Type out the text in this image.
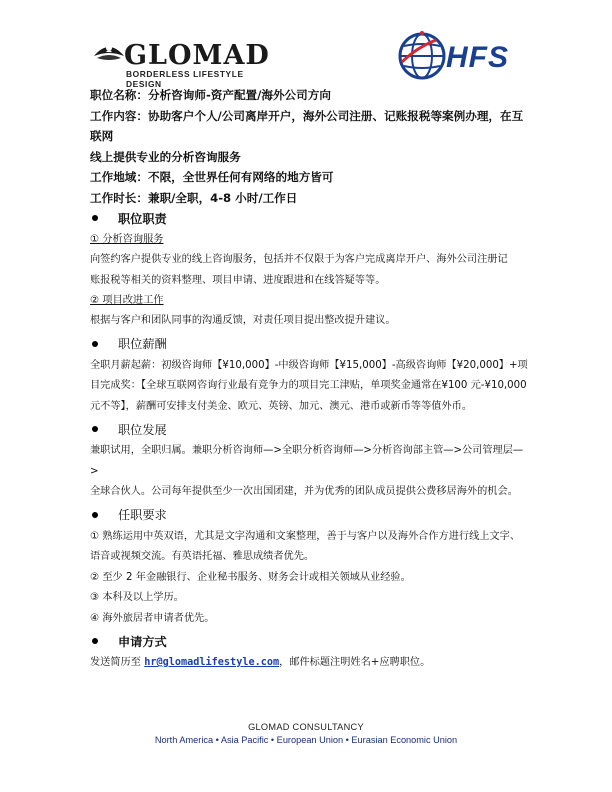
GLOMAD
BORDERLESS LIFESTYLE DESIGN
HFS

职位名称：分析咨询师-资产配置/海外公司方向

工作内容：协助客户个人/公司离岸开户，海外公司注册、记账报税等案例办理，在互联网

线上提供专业的分析咨询服务

工作地域：不限，全世界任何有网络的地方皆可

工作时长：兼职/全职，4-8 小时/工作日

职位职责

① 分析咨询服务

向签约客户提供专业的线上咨询服务，包括并不仅限于为客户完成离岸开户、海外公司注册记

账报税等相关的资料整理、项目申请、进度跟进和在线答疑等等。

② 项目改进工作

根据与客户和团队同事的沟通反馈，对责任项目提出整改提升建议。

职位薪酬

全职月薪起薪：初级咨询师【¥10,000】-中级咨询师【¥15,000】-高级咨询师【¥20,000】+项

目完成奖：【全球互联网咨询行业最有竞争力的项目完工津贴，单项奖金通常在¥100 元-¥10,000

元不等】，薪酬可安排支付美金、欧元、英镑、加元、澳元、港币或新币等等值外币。

职位发展

兼职试用，全职归属。兼职分析咨询师—>全职分析咨询师—>分析咨询部主管—>公司管理层—>

全球合伙人。公司每年提供至少一次出国团建，并为优秀的团队成员提供公费移居海外的机会。

任职要求

① 熟练运用中英双语，尤其是文字沟通和文案整理，善于与客户以及海外合作方进行线上文字、

语音或视频交流。有英语托福、雅思成绩者优先。

② 至少 2 年金融银行、企业秘书服务、财务会计或相关领域从业经验。

③ 本科及以上学历。

④ 海外旅居者申请者优先。

申请方式

发送简历至 hr@glomadlifestyle.com，邮件标题注明姓名+应聘职位。

GLOMAD CONSULTANCY
North America • Asia Pacific • European Union • Eurasian Economic Union
